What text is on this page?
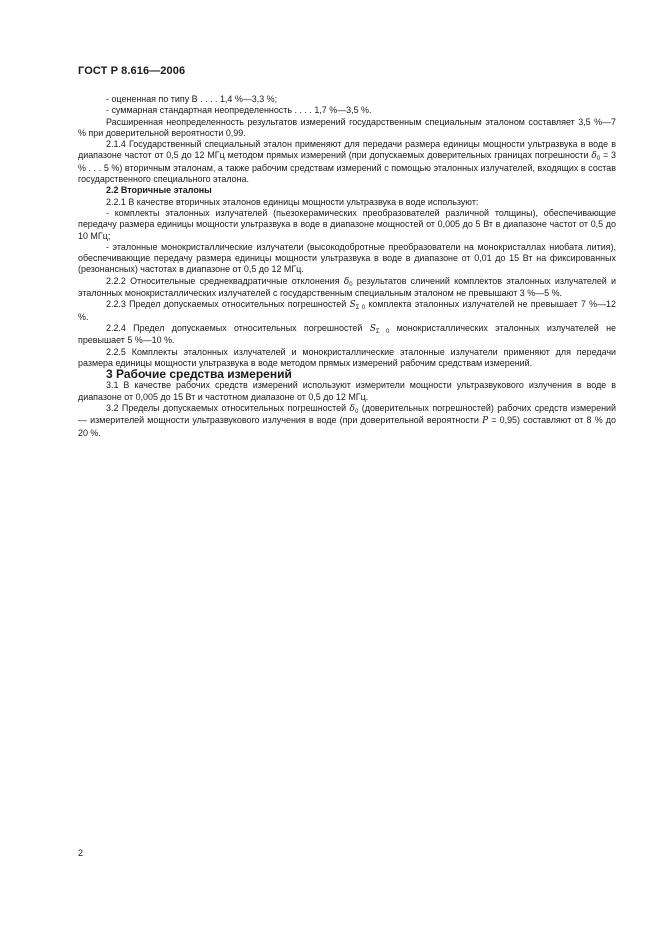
ГОСТ Р 8.616—2006

- оцененная по типу В . . . . 1,4 %—3,3 %;

- суммарная стандартная неопределенность . . . . 1,7 %—3,5 %.

Расширенная неопределенность результатов измерений государственным специальным эталоном составляет 3,5 %—7 % при доверительной вероятности 0,99.

2.1.4 Государственный специальный эталон применяют для передачи размера единицы мощности ультразвука в воде в диапазоне частот от 0,5 до 12 МГц методом прямых измерений (при допускаемых доверительных границах погрешности $\delta_0 = 3$ % . . . 5 %) вторичным эталонам, а также рабочим средствам измерений с помощью эталонных излучателей, входящих в состав государственного специального эталона.

2.2 Вторичные эталоны

2.2.1 В качестве вторичных эталонов единицы мощности ультразвука в воде используют:

- комплекты эталонных излучателей (пьезокерамических преобразователей различной толщины), обеспечивающие передачу размера единицы мощности ультразвука в воде в диапазоне мощностей от 0,005 до 5 Вт в диапазоне частот от 0,5 до 10 МГц;

- эталонные монокристаллические излучатели (высокодобротные преобразователи на монокристаллах ниобата лития), обеспечивающие передачу размера единицы мощности ультразвука в воде в диапазоне от 0,01 до 15 Вт на фиксированных (резонансных) частотах в диапазоне от 0,5 до 12 МГц.

2.2.2 Относительные среднеквадратичные отклонения $\delta_0$ результатов сличений комплектов эталонных излучателей и эталонных монокристаллических излучателей с государственным специальным эталоном не превышают 3 %—5 %.

2.2.3 Предел допускаемых относительных погрешностей $S_{\Sigma 0}$ комплекта эталонных излучателей не превышает 7 %—12 %.

2.2.4 Предел допускаемых относительных погрешностей $S_{\Sigma 0}$ монокристаллических эталонных излучателей не превышает 5 %—10 %.

2.2.5 Комплекты эталонных излучателей и монокристаллические эталонные излучатели применяют для передачи размера единицы мощности ультразвука в воде методом прямых измерений рабочим средствам измерений.

3 Рабочие средства измерений

3.1 В качестве рабочих средств измерений используют измерители мощности ультразвукового излучения в воде в диапазоне от 0,005 до 15 Вт и частотном диапазоне от 0,5 до 12 МГц.

3.2 Пределы допускаемых относительных погрешностей $\delta_0$ (доверительных погрешностей) рабочих средств измерений — измерителей мощности ультразвукового излучения в воде (при доверительной вероятности P = 0,95) составляют от 8 % до 20 %.

2
